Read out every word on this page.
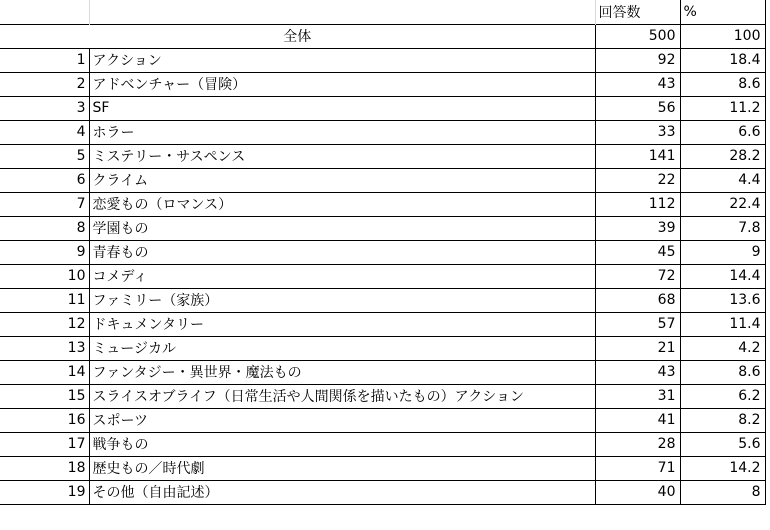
		回答数	%
全体		500	100
1	アクション	92	18.4
2	アドベンチャー（冒険）	43	8.6
3	SF	56	11.2
4	ホラー	33	6.6
5	ミステリー・サスペンス	141	28.2
6	クライム	22	4.4
7	恋愛もの（ロマンス）	112	22.4
8	学園もの	39	7.8
9	青春もの	45	9
10	コメディ	72	14.4
11	ファミリー（家族）	68	13.6
12	ドキュメンタリー	57	11.4
13	ミュージカル	21	4.2
14	ファンタジー・異世界・魔法もの	43	8.6
15	スライスオブライフ（日常生活や人間関係を描いたもの）アクション	31	6.2
16	スポーツ	41	8.2
17	戦争もの	28	5.6
18	歴史もの／時代劇	71	14.2
19	その他（自由記述）	40	8
